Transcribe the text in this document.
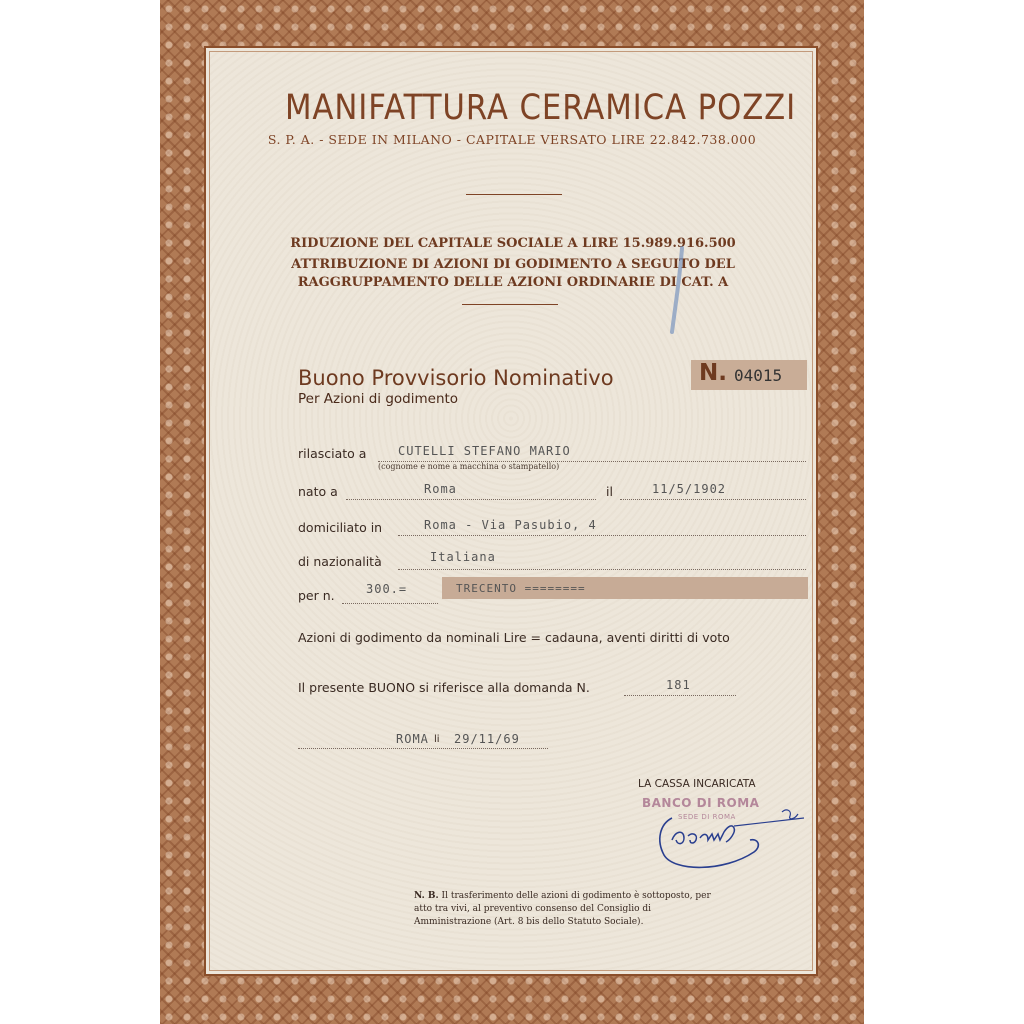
MANIFATTURA CERAMICA POZZI
S. P. A. - SEDE IN MILANO - CAPITALE VERSATO LIRE 22.842.738.000
RIDUZIONE DEL CAPITALE SOCIALE A LIRE 15.989.916.500
ATTRIBUZIONE DI AZIONI DI GODIMENTO A SEGUITO DEL
RAGGRUPPAMENTO DELLE AZIONI ORDINARIE DI CAT. A
Buono Provvisorio Nominativo	N. 04015
Per Azioni di godimento
rilasciato a	CUTELLI STEFANO MARIO
(cognome e nome a macchina o stampatello)
nato a	Roma	il	11/5/1902
domiciliato in	Roma - Via Pasubio, 4
di nazionalità	Italiana
per n.	300.=	TRECENTO ========
Azioni di godimento da nominali Lire = cadauna, aventi diritti di voto
Il presente BUONO si riferisce alla domanda N.	181
ROMA li 29/11/69
LA CASSA INCARICATA
BANCO DI ROMA
SEDE DI ROMA
N. B. Il trasferimento delle azioni di godimento è sottoposto, per atto tra vivi, al preventivo consenso del Consiglio di Amministrazione (Art. 8 bis dello Statuto Sociale).
